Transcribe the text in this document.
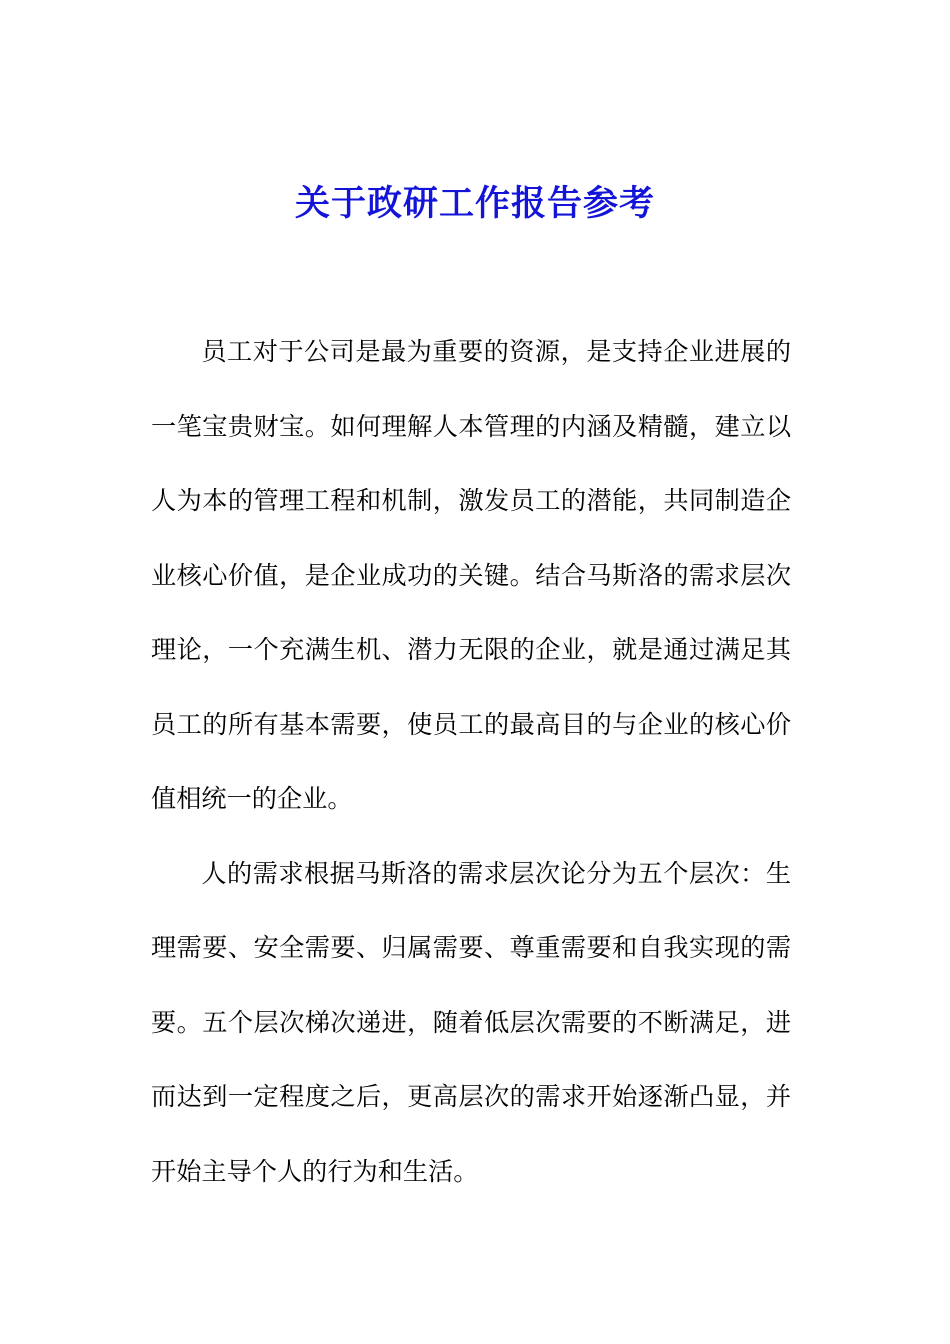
关于政研工作报告参考

员工对于公司是最为重要的资源，是支持企业进展的一笔宝贵财宝。如何理解人本管理的内涵及精髓，建立以人为本的管理工程和机制，激发员工的潜能，共同制造企业核心价值，是企业成功的关键。结合马斯洛的需求层次理论，一个充满生机、潜力无限的企业，就是通过满足其员工的所有基本需要，使员工的最高目的与企业的核心价值相统一的企业。

人的需求根据马斯洛的需求层次论分为五个层次：生理需要、安全需要、归属需要、尊重需要和自我实现的需要。五个层次梯次递进，随着低层次需要的不断满足，进而达到一定程度之后，更高层次的需求开始逐渐凸显，并开始主导个人的行为和生活。
